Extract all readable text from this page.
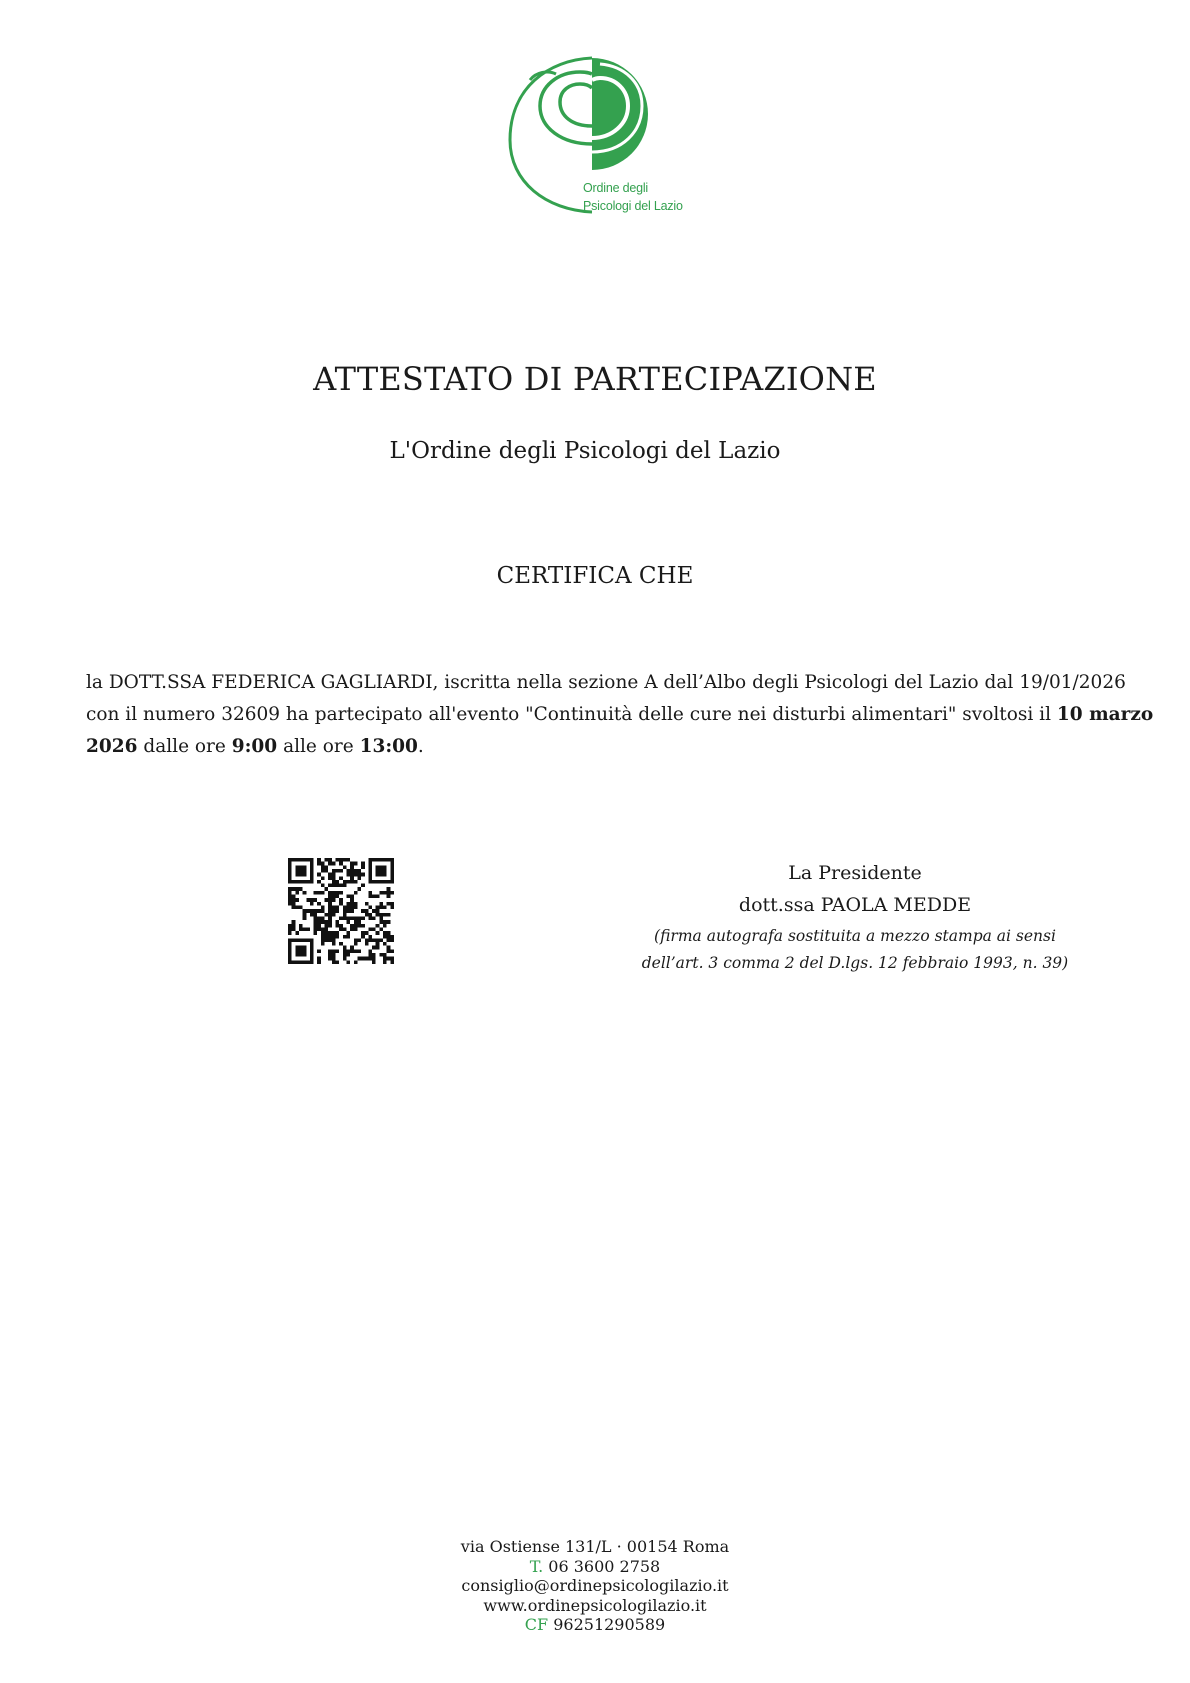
Ordine degli
Psicologi del Lazio
ATTESTATO DI PARTECIPAZIONE
L'Ordine degli Psicologi del Lazio
CERTIFICA CHE

la DOTT.SSA FEDERICA GAGLIARDI, iscritta nella sezione A dell’Albo degli Psicologi del Lazio dal 19/01/2026
con il numero 32609 ha partecipato all'evento "Continuità delle cure nei disturbi alimentari" svoltosi il 10 marzo
2026 dalle ore 9:00 alle ore 13:00.

La Presidente
dott.ssa PAOLA MEDDE
(firma autografa sostituita a mezzo stampa ai sensi
dell’art. 3 comma 2 del D.lgs. 12 febbraio 1993, n. 39)
via Ostiense 131/L · 00154 Roma
T. 06 3600 2758
consiglio@ordinepsicologilazio.it
www.ordinepsicologilazio.it
CF 96251290589
